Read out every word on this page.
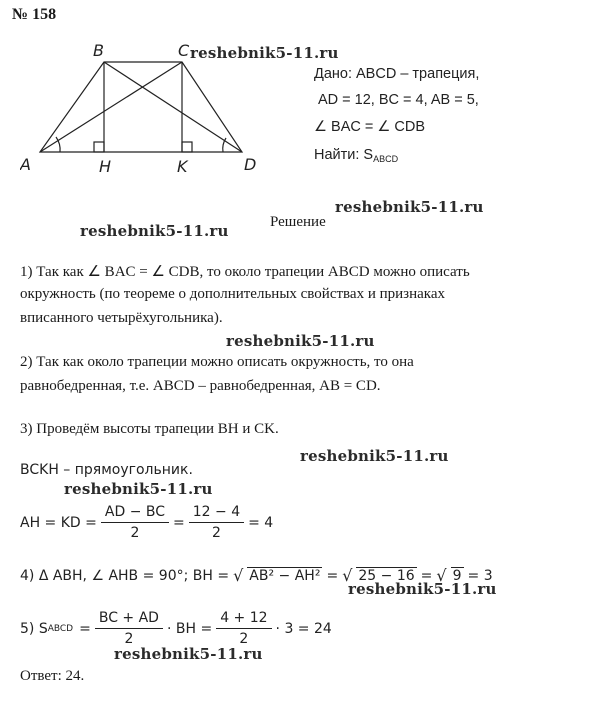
№ 158
A
B	C
D
H	K
Дано: ABCD – трапеция,
AD = 12, BC = 4, AB = 5,
∠ BAC = ∠ CDB
Найти: $S_{ABCD}$
reshebnik5-11.ru
reshebnik5-11.ru
reshebnik5-11.ru
reshebnik5-11.ru
reshebnik5-11.ru
reshebnik5-11.ru
reshebnik5-11.ru
reshebnik5-11.ru
Решение
1) Так как ∠ BAC = ∠ CDB, то около трапеции ABCD можно описать
окружность (по теореме о дополнительных свойствах и признаках
вписанного четырёхугольника).
2) Так как около трапеции можно описать окружность, то она
равнобедренная, т.е. ABCD – равнобедренная, AB = CD.
3) Проведём высоты трапеции BH и CK.
BCKH – прямоугольник.
AH = KD = $\frac{AD - BC}{2} = \frac{12 - 4}{2} = 4$
4) Δ ABH, ∠ AHB = 90°; BH = √ AB² − AH² = √ 25 − 16 = √ 9 = 3
5) S ABCD = $\frac{BC + AD}{2}$ · BH = $\frac{4 + 12}{2} \cdot 3 = 24$
Ответ: 24.
